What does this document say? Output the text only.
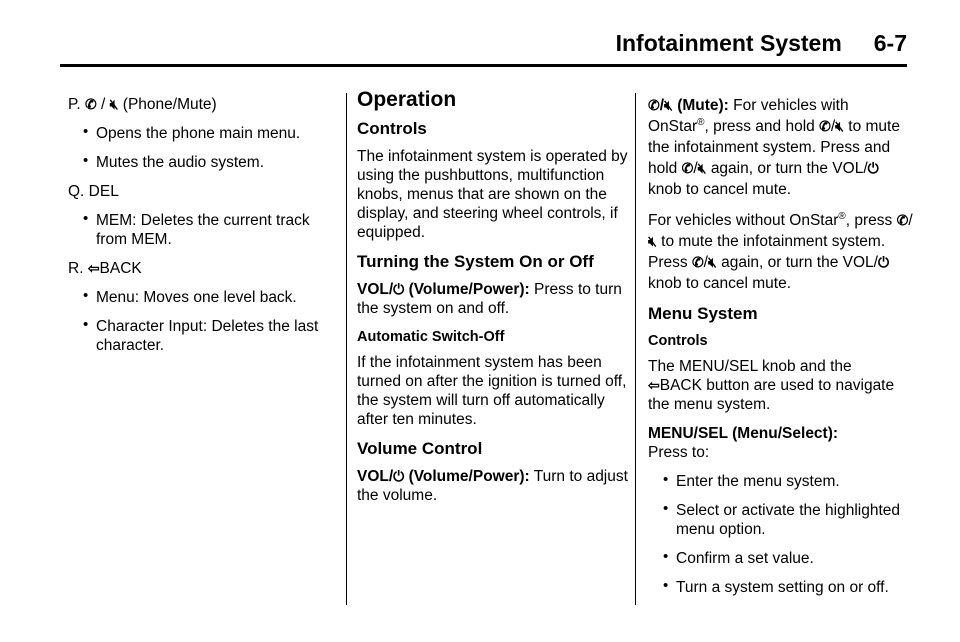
Infotainment System     6-7

P. ✆ / 🔇︎ (Phone/Mute)

• Opens the phone main menu.

• Mutes the audio system.

Q. DEL

• MEM: Deletes the current track from MEM.

R. ⇦BACK

• Menu: Moves one level back.

• Character Input: Deletes the last character.

Operation

Controls

The infotainment system is operated by using the pushbuttons, multifunction knobs, menus that are shown on the display, and steering wheel controls, if equipped.

Turning the System On or Off

VOL/⏻ (Volume/Power): Press to turn the system on and off.

Automatic Switch-Off

If the infotainment system has been turned on after the ignition is turned off, the system will turn off automatically after ten minutes.

Volume Control

VOL/⏻ (Volume/Power): Turn to adjust the volume.

✆/🔇︎ (Mute): For vehicles with OnStar®, press and hold ✆/🔇︎ to mute the infotainment system. Press and hold ✆/🔇︎ again, or turn the VOL/⏻ knob to cancel mute.

For vehicles without OnStar®, press ✆/🔇︎ to mute the infotainment system. Press ✆/🔇︎ again, or turn the VOL/⏻ knob to cancel mute.

Menu System

Controls

The MENU/SEL knob and the
⇦BACK button are used to navigate the menu system.

MENU/SEL (Menu/Select):

Press to:

• Enter the menu system.

• Select or activate the highlighted menu option.

• Confirm a set value.

• Turn a system setting on or off.
